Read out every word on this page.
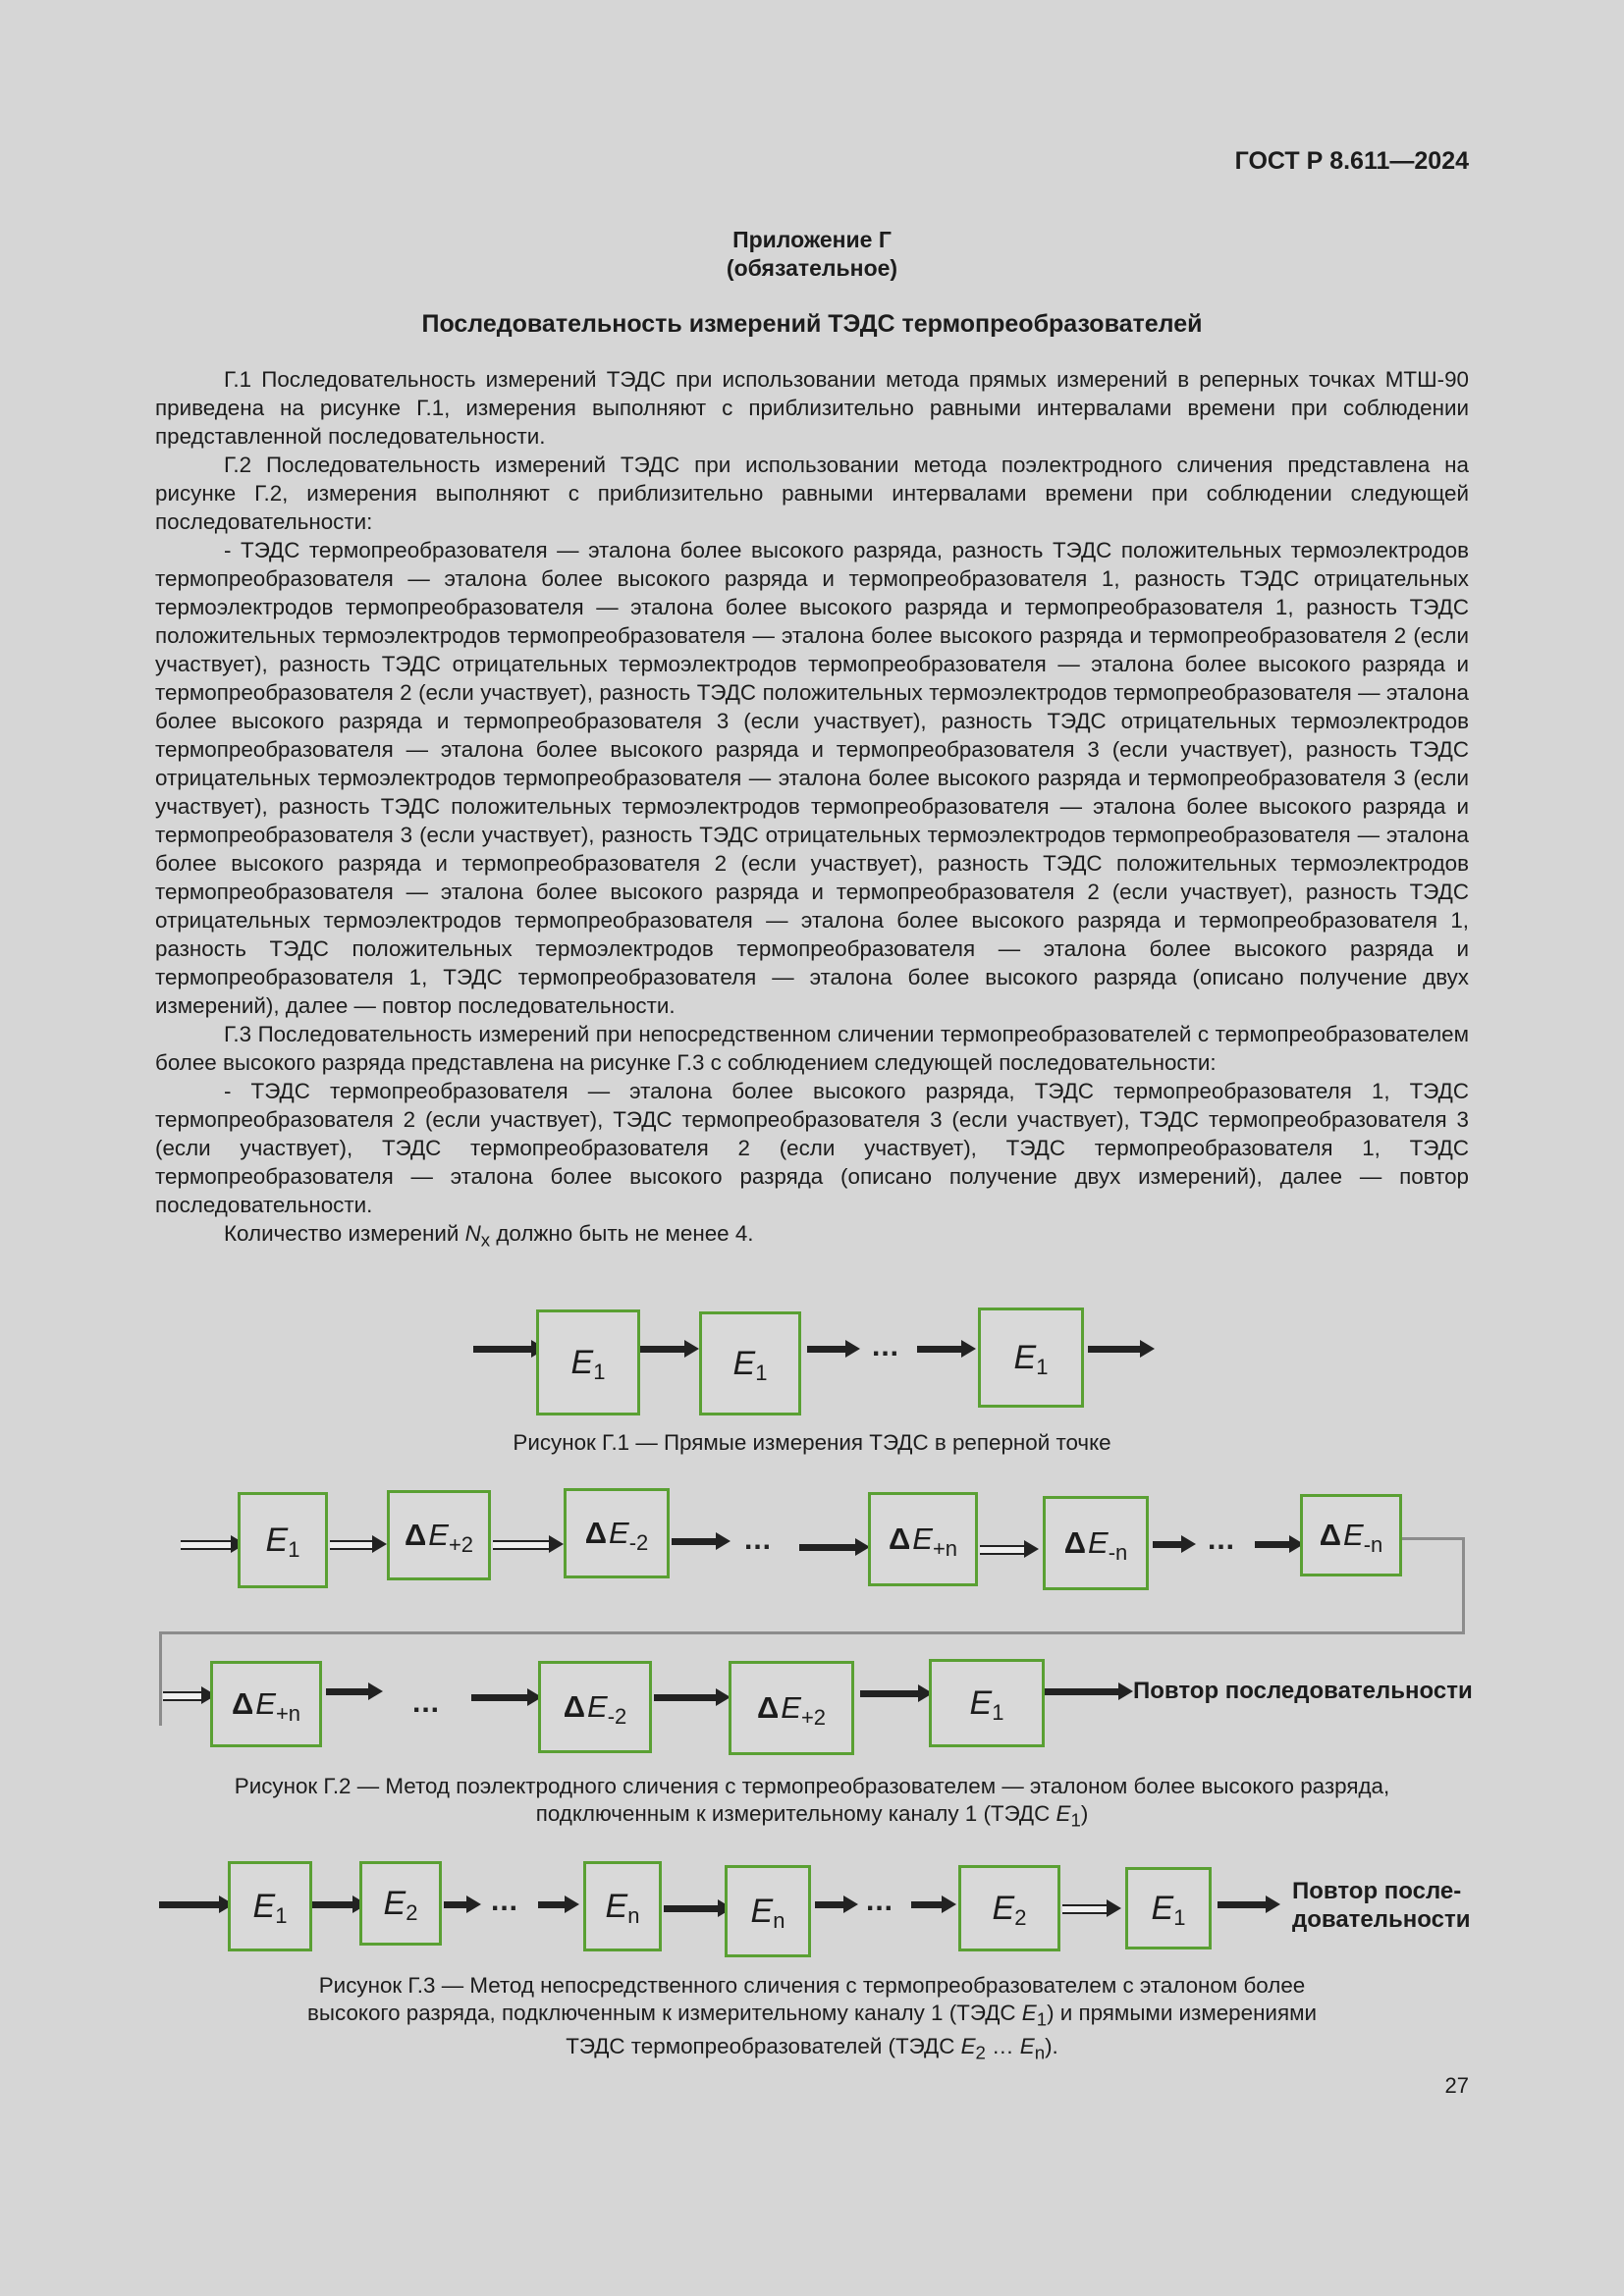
ГОСТ Р 8.611—2024
Приложение Г
(обязательное)
Последовательность измерений ТЭДС термопреобразователей

Г.1 Последовательность измерений ТЭДС при использовании метода прямых измерений в реперных точках МТШ-90 приведена на рисунке Г.1, измерения выполняют с приблизительно равными интервалами времени при соблюдении представленной последовательности.

Г.2 Последовательность измерений ТЭДС при использовании метода поэлектродного сличения представлена на рисунке Г.2, измерения выполняют с приблизительно равными интервалами времени при соблюдении следующей последовательности:

- ТЭДС термопреобразователя — эталона более высокого разряда, разность ТЭДС положительных термоэлектродов термопреобразователя — эталона более высокого разряда и термопреобразователя 1, разность ТЭДС отрицательных термоэлектродов термопреобразователя — эталона более высокого разряда и термопреобразователя 1, разность ТЭДС положительных термоэлектродов термопреобразователя — эталона более высокого разряда и термопреобразователя 2 (если участвует), разность ТЭДС отрицательных термоэлектродов термопреобразователя — эталона более высокого разряда и термопреобразователя 2 (если участвует), разность ТЭДС положительных термоэлектродов термопреобразователя — эталона более высокого разряда и термопреобразователя 3 (если участвует), разность ТЭДС отрицательных термоэлектродов термопреобразователя — эталона более высокого разряда и термопреобразователя 3 (если участвует), разность ТЭДС отрицательных термоэлектродов термопреобразователя — эталона более высокого разряда и термопреобразователя 3 (если участвует), разность ТЭДС положительных термоэлектродов термопреобразователя — эталона более высокого разряда и термопреобразователя 3 (если участвует), разность ТЭДС отрицательных термоэлектродов термопреобразователя — эталона более высокого разряда и термопреобразователя 2 (если участвует), разность ТЭДС положительных термоэлектродов термопреобразователя — эталона более высокого разряда и термопреобразователя 2 (если участвует), разность ТЭДС отрицательных термоэлектродов термопреобразователя — эталона более высокого разряда и термопреобразователя 1, разность ТЭДС положительных термоэлектродов термопреобразователя — эталона более высокого разряда и термопреобразователя 1, ТЭДС термопреобразователя — эталона более высокого разряда (описано получение двух измерений), далее — повтор последовательности.

Г.3 Последовательность измерений при непосредственном сличении термопреобразователей с термопреобразователем более высокого разряда представлена на рисунке Г.3 с соблюдением следующей последовательности:

- ТЭДС термопреобразователя — эталона более высокого разряда, ТЭДС термопреобразователя 1, ТЭДС термопреобразователя 2 (если участвует), ТЭДС термопреобразователя 3 (если участвует), ТЭДС термопреобразователя 3 (если участвует), ТЭДС термопреобразователя 2 (если участвует), ТЭДС термопреобразователя 1, ТЭДС термопреобразователя — эталона более высокого разряда (описано получение двух измерений), далее — повтор последовательности.

Количество измерений $N_x$ должно быть не менее 4.

$E_1$	$E_1$
...	$E_1$
Рисунок Г.1 — Прямые измерения ТЭДС в реперной точке
$E_1$	Δ $E_{+2}$	Δ $E_{-2}$	...	Δ $E_{+n}$	Δ $E_{-n}$	...	Δ $E_{-n}$
Δ $E_{+n}$	...	Δ $E_{-2}$	Δ $E_{+2}$	$E_1$
Повтор последовательности
Рисунок Г.2 — Метод поэлектродного сличения с термопреобразователем — эталоном более высокого разряда,
подключенным к измерительному каналу 1 (ТЭДС $E_1$)
$E_1$	$E_2$ ...	$E_n$	$E_n$
...	$E_2$	$E_1$
Повтор после-
довательности
Рисунок Г.3 — Метод непосредственного сличения с термопреобразователем с эталоном более
высокого разряда, подключенным к измерительному каналу 1 (ТЭДС $E_1$) и прямыми измерениями
ТЭДС термопреобразователей (ТЭДС $E_2$ … $E_n$).
27
